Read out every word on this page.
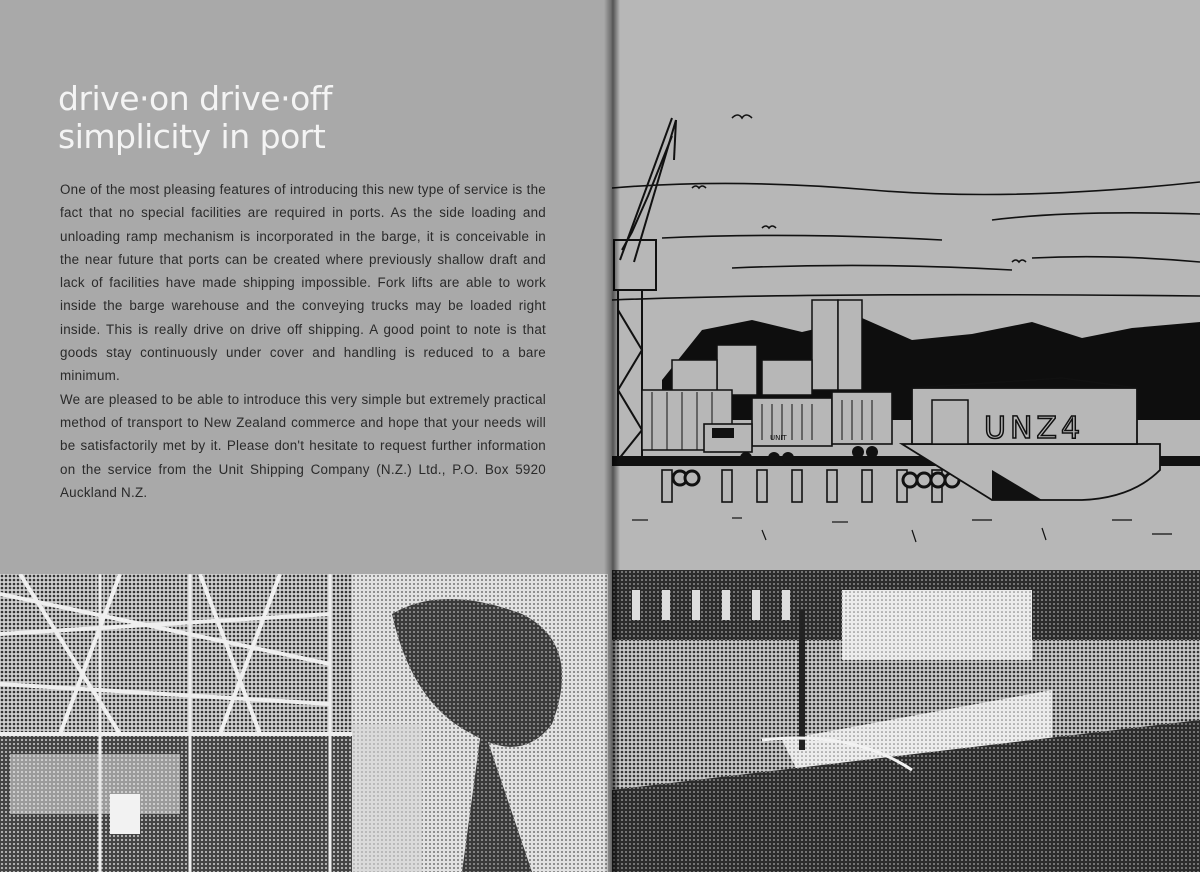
drive·on drive·off
simplicity in port

One of the most pleasing features of introducing this new type of service is the fact that no special facilities are required in ports. As the side loading and unloading ramp mechanism is incorporated in the barge, it is conceivable in the near future that ports can be created where previously shallow draft and lack of facilities have made shipping impossible. Fork lifts are able to work inside the barge warehouse and the conveying trucks may be loaded right inside. This is really drive on drive off shipping. A good point to note is that goods stay continuously under cover and handling is reduced to a bare minimum.

We are pleased to be able to introduce this very simple but extremely practical method of transport to New Zealand commerce and hope that your needs will be satisfactorily met by it. Please don't hesitate to request further information on the service from the Unit Shipping Company (N.Z.) Ltd., P.O. Box 5920 Auckland N.Z.

UNZ4
UNIT
